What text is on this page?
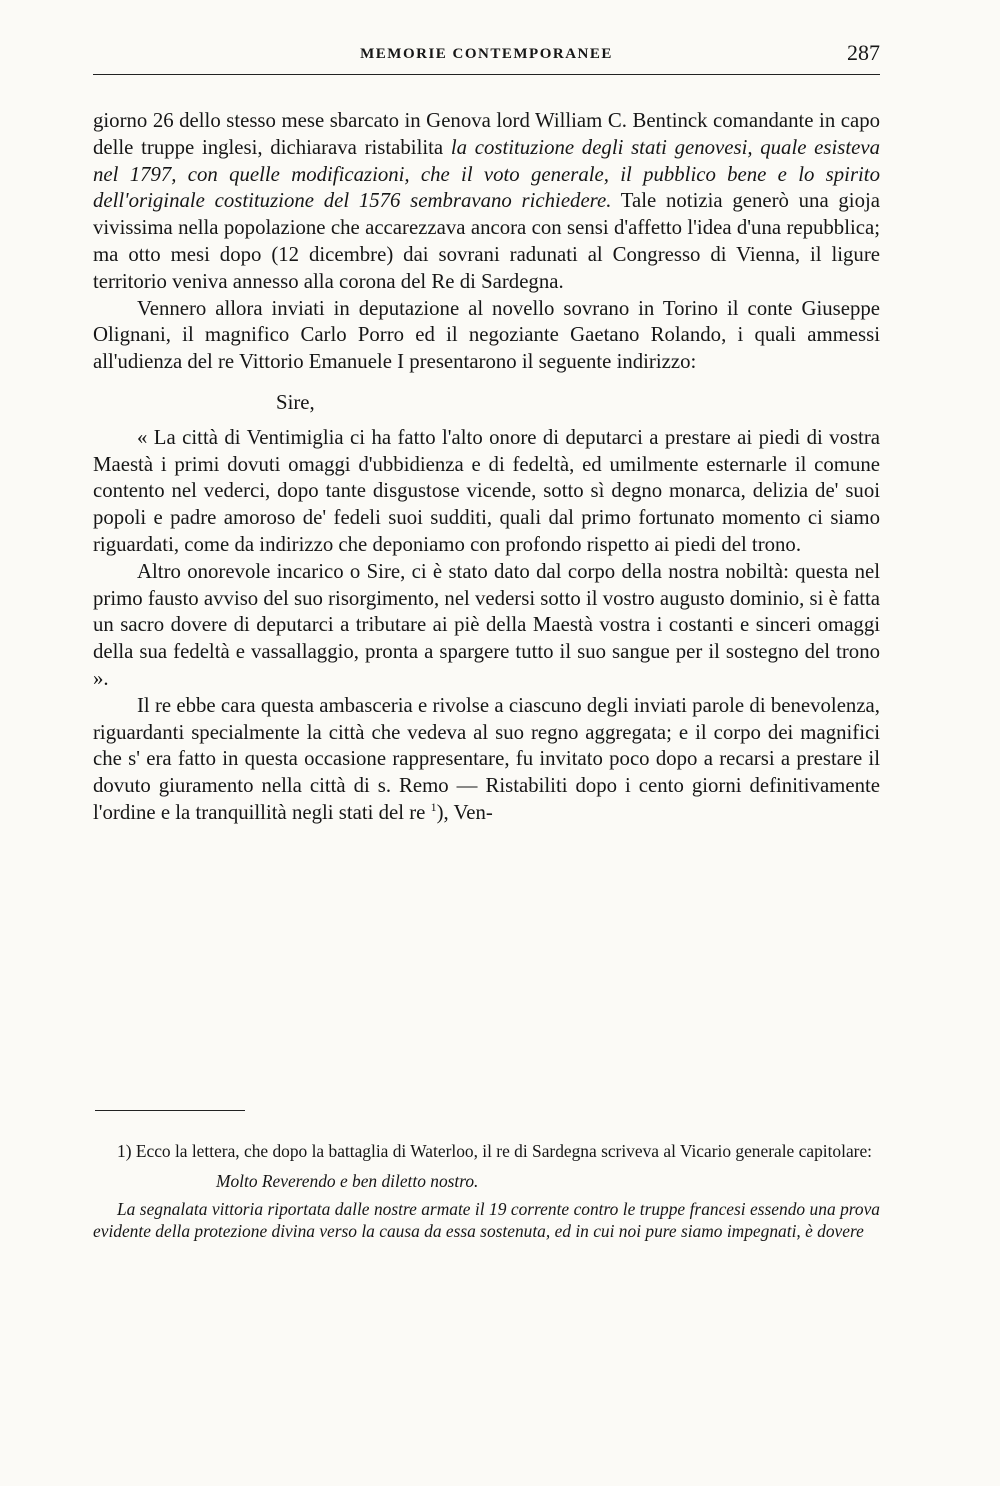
MEMORIE CONTEMPORANEE	287

giorno 26 dello stesso mese sbarcato in Genova lord William C. Bentinck comandante in capo delle truppe inglesi, dichiarava ristabilita la costituzione degli stati genovesi, quale esisteva nel 1797, con quelle modificazioni, che il voto generale, il pubblico bene e lo spirito dell'originale costituzione del 1576 sembravano richiedere. Tale notizia generò una gioja vivissima nella popolazione che accarezzava ancora con sensi d'affetto l'idea d'una repubblica; ma otto mesi dopo (12 dicembre) dai sovrani radunati al Congresso di Vienna, il ligure territorio veniva annesso alla corona del Re di Sardegna.

Vennero allora inviati in deputazione al novello sovrano in Torino il conte Giuseppe Olignani, il magnifico Carlo Porro ed il negoziante Gaetano Rolando, i quali ammessi all'udienza del re Vittorio Emanuele I presentarono il seguente indirizzo:

Sire,

« La città di Ventimiglia ci ha fatto l'alto onore di deputarci a prestare ai piedi di vostra Maestà i primi dovuti omaggi d'ubbidienza e di fedeltà, ed umilmente esternarle il comune contento nel vederci, dopo tante disgustose vicende, sotto sì degno monarca, delizia de' suoi popoli e padre amoroso de' fedeli suoi sudditi, quali dal primo fortunato momento ci siamo riguardati, come da indirizzo che deponiamo con profondo rispetto ai piedi del trono.

Altro onorevole incarico o Sire, ci è stato dato dal corpo della nostra nobiltà: questa nel primo fausto avviso del suo risorgimento, nel vedersi sotto il vostro augusto dominio, si è fatta un sacro dovere di deputarci a tributare ai piè della Maestà vostra i costanti e sinceri omaggi della sua fedeltà e vassallaggio, pronta a spargere tutto il suo sangue per il sostegno del trono ».

Il re ebbe cara questa ambasceria e rivolse a ciascuno degli inviati parole di benevolenza, riguardanti specialmente la città che vedeva al suo regno aggregata; e il corpo dei magnifici che s' era fatto in questa occasione rappresentare, fu invitato poco dopo a recarsi a prestare il dovuto giuramento nella città di s. Remo — Ristabiliti dopo i cento giorni definitivamente l'ordine e la tranquillità negli stati del re $^1$), Ven-

1) Ecco la lettera, che dopo la battaglia di Waterloo, il re di Sardegna scriveva al Vicario generale capitolare:

Molto Reverendo e ben diletto nostro.

La segnalata vittoria riportata dalle nostre armate il 19 corrente contro le truppe francesi essendo una prova evidente della protezione divina verso la causa da essa sostenuta, ed in cui noi pure siamo impegnati, è dovere
